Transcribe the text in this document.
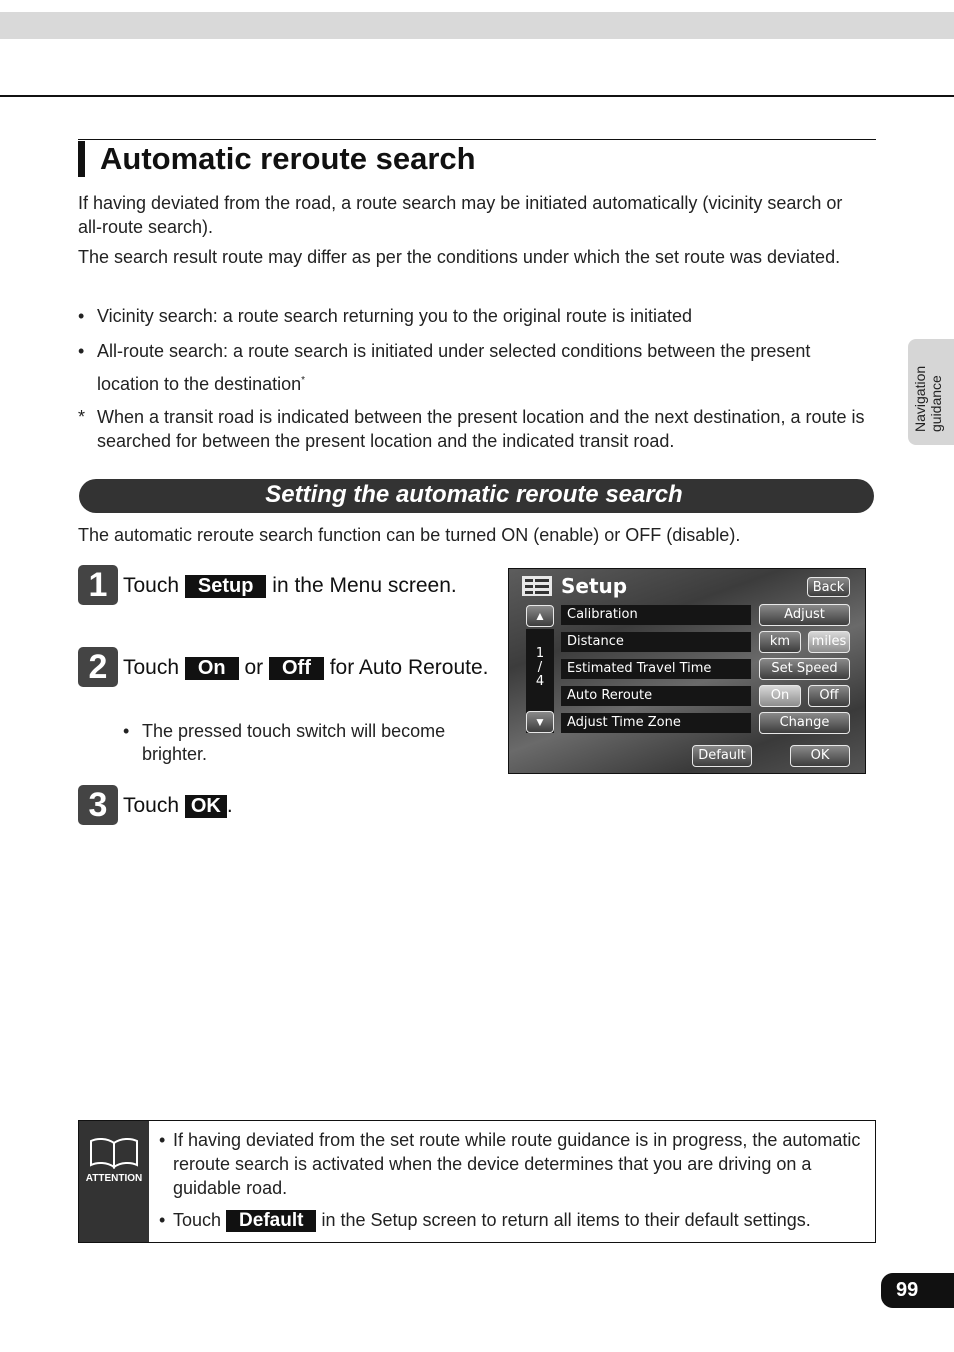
Automatic reroute search

If having deviated from the road, a route search may be initiated automatically (vicinity search or all-route search).

The search result route may differ as per the conditions under which the set route was deviated.

• Vicinity search: a route search returning you to the original route is initiated
• All-route search: a route search is initiated under selected conditions between the present location to the destination*
* When a transit road is indicated between the present location and the next destination, a route is searched for between the present location and the indicated transit road.
Navigation guidance
Setting the automatic reroute search

The automatic reroute search function can be turned ON (enable) or OFF (disable).

1 Touch Setup in the Menu screen.
2 Touch On or Off for Auto Reroute.
• The pressed touch switch will become brighter.
3 Touch OK .
Setup	Back
▲
1
/
4
▼
Calibration	Adjust
Distance	km	miles
Estimated Travel Time	Set Speed
Auto Reroute	On	Off
Adjust Time Zone	Change
Default	OK
ATTENTION
• If having deviated from the set route while route guidance is in progress, the automatic reroute search is activated when the device determines that you are driving on a guidable road.
• Touch Default in the Setup screen to return all items to their default settings.
99
